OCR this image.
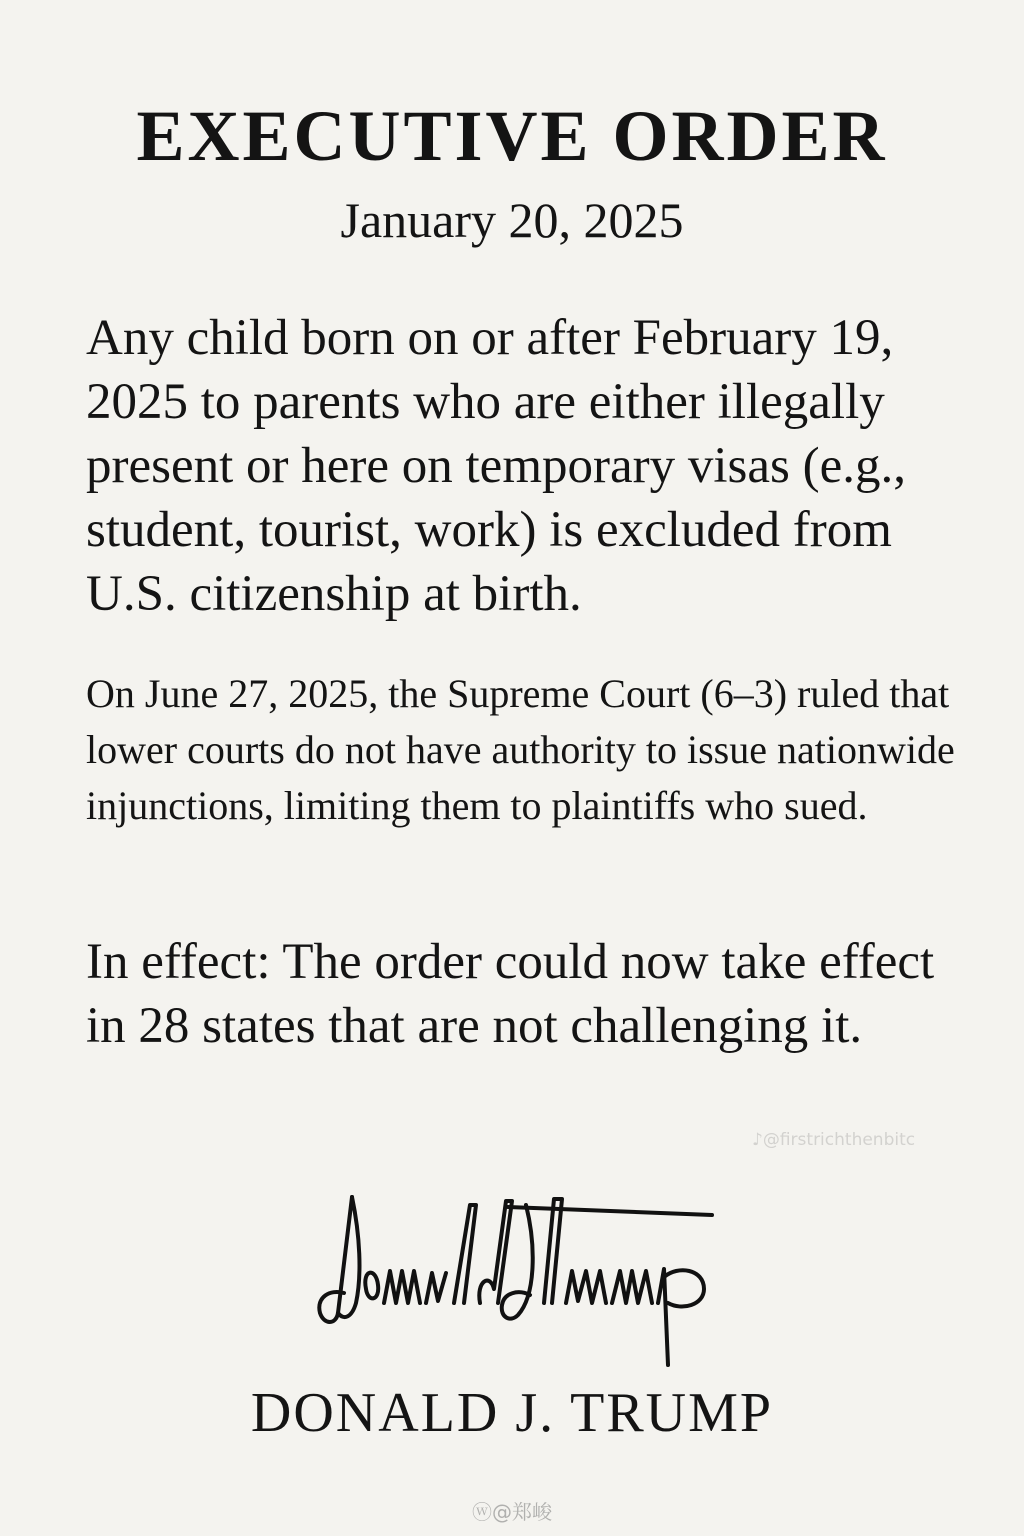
EXECUTIVE ORDER

January 20, 2025

Any child born on or after February 19, 2025 to parents who are either illegally present or here on temporary visas (e.g., student, tourist, work) is excluded from U.S. citizenship at birth.

On June 27, 2025, the Supreme Court (6–3) ruled that lower courts do not have authority to issue nationwide injunctions, limiting them to plaintiffs who sued.

In effect: The order could now take effect in 28 states that are not challenging it.

♪@firstrichthenbitc

DONALD J. TRUMP

ⓦ@郑峻
